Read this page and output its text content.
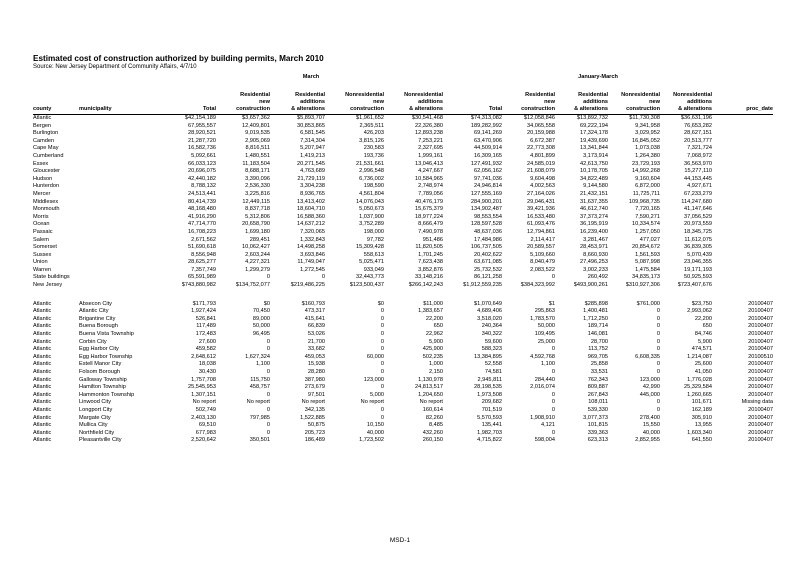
Estimated cost of construction authorized by building permits, March 2010
Source: New Jersey Department of Community Affairs, 4/7/10
March	January-March
			Residential	Residential	Nonresidential	Nonresidential		Residential	Residential	Nonresidential	Nonresidential	
			new	additions	new	additions		new	additions	new	additions	
county	municipality	Total	construction	& alterations	construction	& alterations	Total	construction	& alterations	construction	& alterations	proc_date
Atlantic		$42,154,189	$3,657,362	$5,893,707	$1,961,652	$30,541,468	$74,313,082	$12,058,846	$13,892,732	$11,730,308	$36,631,196	
Bergen		67,955,557	12,409,801	30,853,865	2,365,511	22,326,380	189,282,992	34,065,558	69,222,194	9,341,958	76,653,282	
Burlington		28,920,521	9,019,535	6,581,545	426,203	12,893,238	69,141,269	20,159,988	17,324,178	3,029,952	28,627,151	
Camden		21,287,720	2,905,069	7,314,304	3,815,126	7,253,221	63,470,906	6,672,387	19,439,690	16,845,052	20,513,777	
Cape May		16,582,736	8,816,511	5,207,947	230,583	2,327,695	44,509,914	22,773,308	13,341,844	1,073,038	7,321,724	
Cumberland		5,092,661	1,480,551	1,419,213	193,736	1,999,161	16,309,165	4,801,899	3,173,914	1,264,380	7,068,972	
Essex		66,033,123	11,183,504	20,271,545	21,531,661	13,046,413	127,491,932	24,585,019	42,613,750	23,729,193	36,563,970	
Gloucester		20,696,075	8,688,171	4,763,689	2,996,548	4,247,667	62,056,162	21,608,079	10,178,705	14,992,268	15,277,110	
Hudson		42,440,182	3,390,096	21,729,119	6,736,002	10,584,965	97,741,036	9,604,498	34,822,489	9,160,604	44,153,445	
Hunterdon		8,788,132	2,536,330	3,304,238	198,590	2,748,974	24,946,814	4,002,563	9,144,580	6,872,000	4,927,671	
Mercer		24,513,441	3,225,816	8,936,765	4,561,804	7,789,056	127,555,169	27,164,026	21,432,151	11,725,711	67,233,279	
Middlesex		80,414,739	12,449,115	13,413,402	14,076,043	40,476,179	284,900,201	29,046,431	31,637,355	109,968,735	114,247,680	
Monmouth		48,168,480	8,837,718	18,604,710	5,050,673	15,675,379	134,902,487	39,421,936	46,612,740	7,720,165	41,147,646	
Morris		41,916,290	5,312,806	16,588,360	1,037,900	18,977,224	98,553,554	16,533,480	37,373,274	7,590,271	37,056,529	
Ocean		47,714,770	20,658,790	14,637,212	3,752,289	8,666,479	128,597,528	61,093,476	36,195,919	10,334,574	20,973,559	
Passaic		16,708,223	1,699,180	7,320,065	198,000	7,490,978	48,637,036	12,794,861	16,239,400	1,257,050	18,345,725	
Salem		2,671,562	289,451	1,332,843	97,782	951,486	17,484,986	2,114,417	3,281,467	477,027	11,612,075	
Somerset		51,690,618	10,062,427	14,498,258	15,309,428	11,820,505	106,737,505	20,589,557	28,453,971	20,854,672	36,839,305	
Sussex		8,556,948	2,603,244	3,693,846	558,613	1,701,245	20,402,622	5,109,660	8,660,930	1,561,593	5,070,439	
Union		28,625,277	4,227,321	11,749,047	5,025,471	7,623,438	63,671,085	8,040,479	27,496,253	5,087,998	23,046,355	
Warren		7,357,749	1,299,279	1,272,545	933,049	3,852,876	25,732,532	2,083,522	3,002,233	1,475,584	19,171,193	
State buildings		65,591,989	0	0	32,443,773	33,148,216	86,121,258	0	260,492	34,835,173	50,925,593	
New Jersey		$743,880,982	$134,752,077	$219,486,225	$123,500,437	$266,142,243	$1,912,559,235	$384,323,992	$493,900,261	$310,927,306	$723,407,676	

Atlantic	Absecon City	$171,793	$0	$160,793	$0	$11,000	$1,070,649	$1	$285,898	$761,000	$23,750	20100407
Atlantic	Atlantic City	1,927,424	70,450	473,317	0	1,383,657	4,689,406	295,863	1,400,481	0	2,993,062	20100407
Atlantic	Brigantine City	526,841	89,000	415,641	0	22,200	3,518,020	1,783,570	1,712,250	0	22,200	20100407
Atlantic	Buena Borough	117,489	50,000	66,839	0	650	240,364	50,000	189,714	0	650	20100407
Atlantic	Buena Vista Township	172,483	96,495	53,026	0	22,962	340,322	109,495	146,081	0	84,746	20100407
Atlantic	Corbin City	27,600	0	21,700	0	5,900	59,600	25,000	28,700	0	5,900	20100407
Atlantic	Egg Harbor City	459,582	0	33,682	0	425,900	588,323	0	113,752	0	474,571	20100407
Atlantic	Egg Harbor Township	2,648,612	1,627,324	459,053	60,000	502,235	13,384,895	4,592,768	969,705	6,608,335	1,214,087	20100510
Atlantic	Estell Manor City	18,038	1,100	15,938	0	1,000	52,558	1,100	25,858	0	25,600	20100407
Atlantic	Folsom Borough	30,430	0	28,280	0	2,150	74,581	0	33,531	0	41,050	20100407
Atlantic	Galloway Township	1,757,708	115,750	387,980	123,000	1,130,978	2,945,811	284,440	762,343	123,000	1,776,028	20100407
Atlantic	Hamilton Township	25,545,953	458,757	273,679	0	24,813,517	28,198,535	2,016,074	809,887	42,990	25,329,584	20100407
Atlantic	Hammonton Township	1,307,151	0	97,501	5,000	1,204,650	1,973,508	0	267,843	445,000	1,260,665	20100407
Atlantic	Linwood City	No report	No report	No report	No report	No report	209,682	0	108,011	0	101,671	Missing data
Atlantic	Longport City	502,749	0	342,135	0	160,614	701,519	0	539,330	0	162,189	20100407
Atlantic	Margate City	2,403,130	797,985	1,522,885	0	82,260	5,570,593	1,908,910	3,077,373	278,400	305,910	20100407
Atlantic	Mullica City	69,510	0	50,875	10,150	8,485	135,441	4,121	101,815	15,550	13,955	20100407
Atlantic	Northfield City	677,983	0	205,723	40,000	432,260	1,982,703	0	339,363	40,000	1,603,340	20100407
Atlantic	Pleasantville City	2,520,642	350,501	186,489	1,723,502	260,150	4,715,822	598,004	623,313	2,852,955	641,550	20100407
MSD-1
